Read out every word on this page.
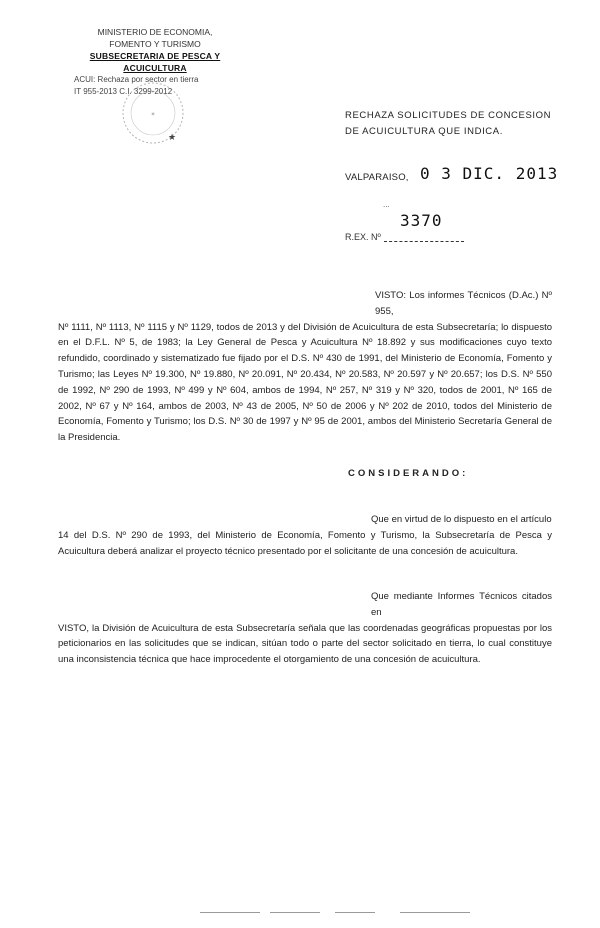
MINISTERIO DE ECONOMIA,
FOMENTO Y TURISMO
SUBSECRETARIA DE PESCA Y ACUICULTURA
ACUI: Rechaza por sector en tierra
IT 955-2013 C.I. 3299-2012
✶
★
RECHAZA SOLICITUDES DE CONCESION DE ACUICULTURA QUE INDICA.
VALPARAISO, 0 3 DIC. 2013
...
3370
R.EX. Nº
VISTO: Los informes Técnicos (D.Ac.) Nº 955,
Nº 1111, Nº 1113, Nº 1115 y Nº 1129, todos de 2013 y del División de Acuicultura de esta Subsecretaría; lo dispuesto en el D.F.L. Nº 5, de 1983; la Ley General de Pesca y Acuicultura Nº 18.892 y sus modificaciones cuyo texto refundido, coordinado y sistematizado fue fijado por el D.S. Nº 430 de 1991, del Ministerio de Economía, Fomento y Turismo; las Leyes Nº 19.300, Nº 19.880, Nº 20.091, Nº 20.434, Nº 20.583, Nº 20.597 y Nº 20.657; los D.S. Nº 550 de 1992, Nº 290 de 1993, Nº 499 y Nº 604, ambos de 1994, Nº 257, Nº 319 y Nº 320, todos de 2001, Nº 165 de 2002, Nº 67 y Nº 164, ambos de 2003, Nº 43 de 2005, Nº 50 de 2006 y Nº 202 de 2010, todos del Ministerio de Economía, Fomento y Turismo; los D.S. Nº 30 de 1997 y Nº 95 de 2001, ambos del Ministerio Secretaría General de la Presidencia.
CONSIDERANDO:
Que en virtud de lo dispuesto en el artículo
14 del D.S. Nº 290 de 1993, del Ministerio de Economía, Fomento y Turismo, la Subsecretaría de Pesca y Acuicultura deberá analizar el proyecto técnico presentado por el solicitante de una concesión de acuicultura.
Que mediante Informes Técnicos citados en
VISTO, la División de Acuicultura de esta Subsecretaría señala que las coordenadas geográficas propuestas por los peticionarios en las solicitudes que se indican, sitúan todo o parte del sector solicitado en tierra, lo cual constituye una inconsistencia técnica que hace improcedente el otorgamiento de una concesión de acuicultura.
